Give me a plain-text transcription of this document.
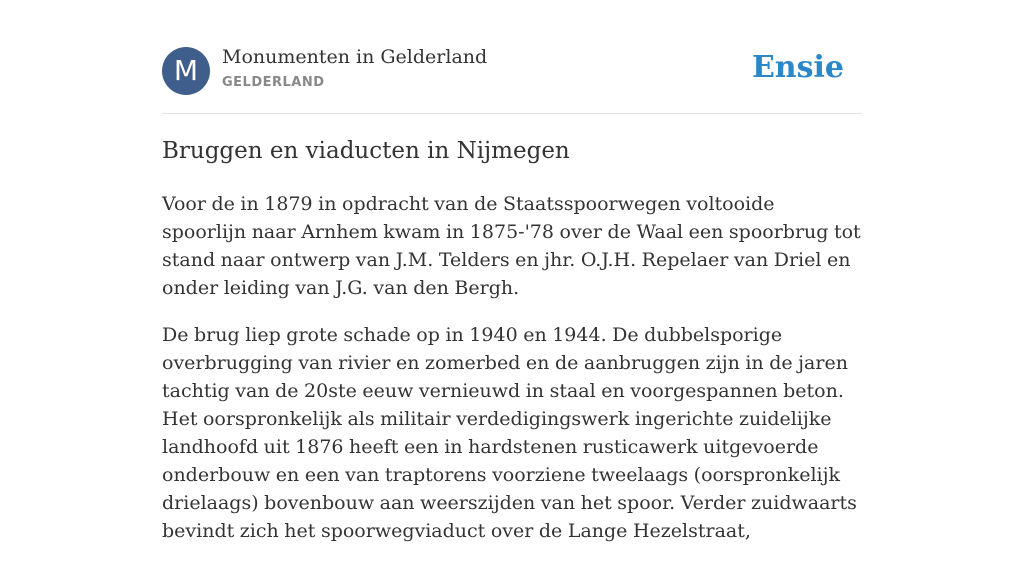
M	Monumenten in Gelderland
GELDERLAND	Ensie
Bruggen en viaducten in Nijmegen

Voor de in 1879 in opdracht van de Staatsspoorwegen voltooide spoorlijn naar Arnhem kwam in 1875-'78 over de Waal een spoorbrug tot stand naar ontwerp van J.M. Telders en jhr. O.J.H. Repelaer van Driel en onder leiding van J.G. van den Bergh.

De brug liep grote schade op in 1940 en 1944. De dubbelsporige overbrugging van rivier en zomerbed en de aanbruggen zijn in de jaren tachtig van de 20ste eeuw vernieuwd in staal en voorgespannen beton. Het oorspronkelijk als militair verdedigingswerk ingerichte zuidelijke landhoofd uit 1876 heeft een in hardstenen rusticawerk uitgevoerde onderbouw en een van traptorens voorziene tweelaags (oorspronkelijk drielaags) bovenbouw aan weerszijden van het spoor. Verder zuidwaarts bevindt zich het spoorwegviaduct over de Lange Hezelstraat,
